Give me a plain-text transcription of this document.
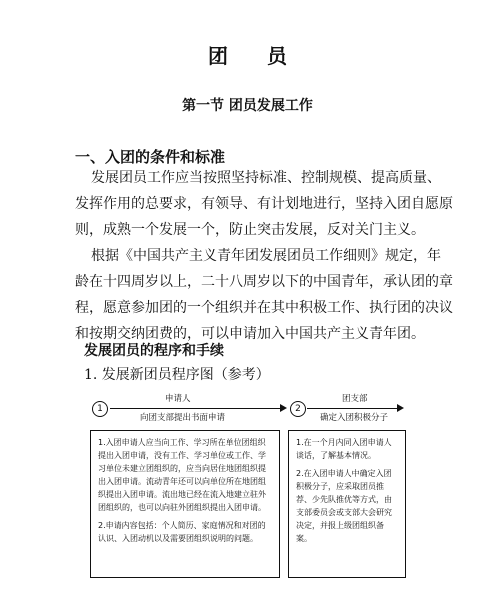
团 员
第一节 团员发展工作
一、入团的条件和标准
发展团员工作应当按照坚持标准、控制规模、提高质量、
发挥作用的总要求，有领导、有计划地进行，坚持入团自愿原
则，成熟一个发展一个，防止突击发展，反对关门主义。
根据《中国共产主义青年团发展团员工作细则》规定，年
龄在十四周岁以上，二十八周岁以下的中国青年，承认团的章
程，愿意参加团的一个组织并在其中积极工作、执行团的决议
和按期交纳团费的，可以申请加入中国共产主义青年团。
发展团员的程序和手续
1. 发展新团员程序图（参考）
1
申请人
向团支部提出书面申请
2
团支部
确定入团积极分子

1.入团申请人应当向工作、学习所在单位团组织提出入团申请，没有工作、学习单位或工作、学习单位未建立团组织的，应当向居住地团组织提出入团申请。流动青年还可以向单位所在地团组织提出入团申请。流出地已经在流入地建立驻外团组织的，也可以向驻外团组织提出入团申请。

2.申请内容包括：个人简历、家庭情况和对团的认识、入团动机以及需要团组织说明的问题。

1.在一个月内同入团申请人谈话，了解基本情况。

2.在入团申请人中确定入团积极分子，应采取团员推荐、少先队推优等方式，由支部委员会或支部大会研究决定，并报上级团组织备案。
